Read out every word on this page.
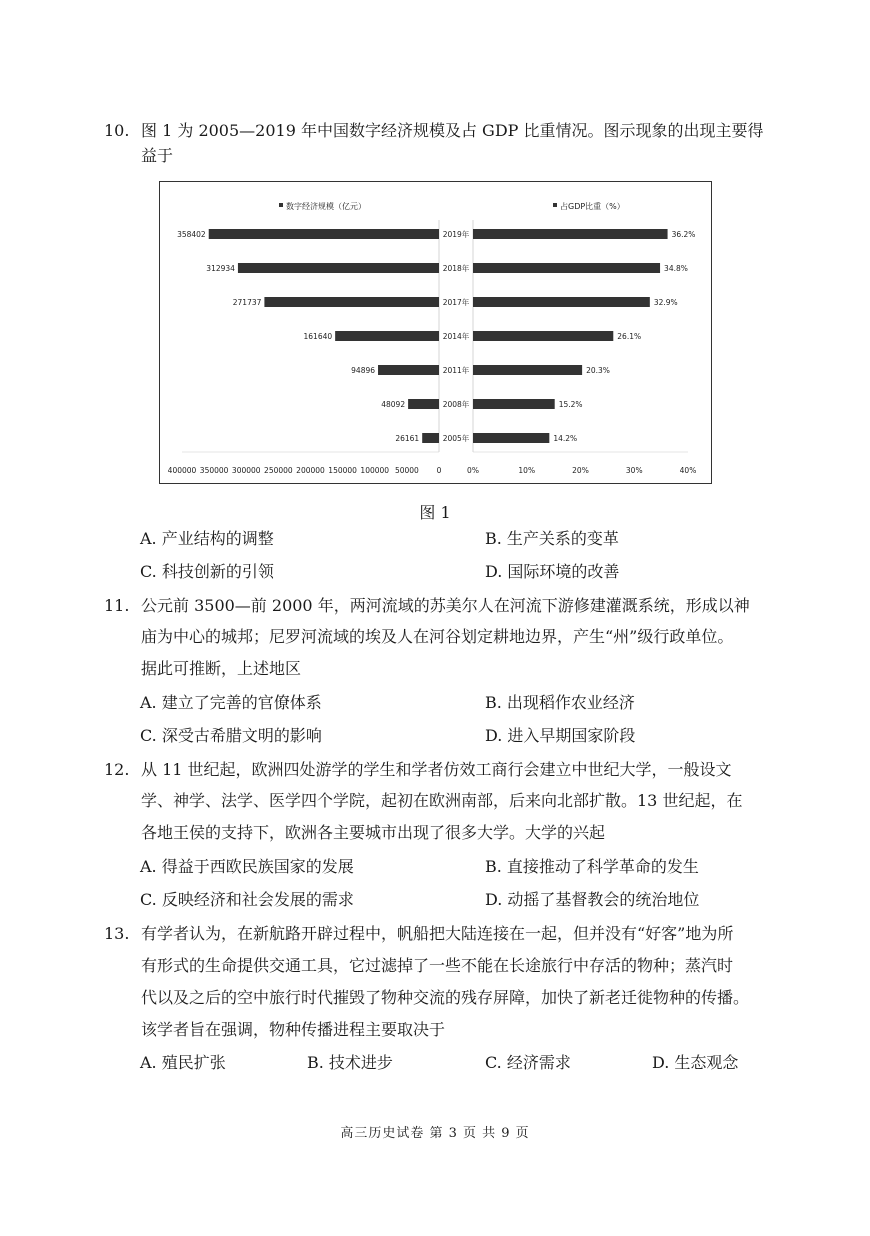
10. 图 1 为 2005—2019 年中国数字经济规模及占 GDP 比重情况。图示现象的出现主要得
益于
数字经济规模（亿元）	占GDP比重（%）
358402	36.2%
2019年
312934	34.8%
2018年
271737	32.9%
2017年
161640	26.1%
2014年
94896	20.3%
2011年
48092	15.2%
2008年
26161	14.2%
2005年
400000 350000 300000 250000 200000 150000 100000 50000 0	0%	10%	20%	30%	40%
图 1
A. 产业结构的调整	B. 生产关系的变革
C. 科技创新的引领	D. 国际环境的改善
11. 公元前 3500—前 2000 年，两河流域的苏美尔人在河流下游修建灌溉系统，形成以神
庙为中心的城邦；尼罗河流域的埃及人在河谷划定耕地边界，产生“州”级行政单位。
据此可推断，上述地区
A. 建立了完善的官僚体系	B. 出现稻作农业经济
C. 深受古希腊文明的影响	D. 进入早期国家阶段
12. 从 11 世纪起，欧洲四处游学的学生和学者仿效工商行会建立中世纪大学，一般设文
学、神学、法学、医学四个学院，起初在欧洲南部，后来向北部扩散。13 世纪起，在
各地王侯的支持下，欧洲各主要城市出现了很多大学。大学的兴起
A. 得益于西欧民族国家的发展	B. 直接推动了科学革命的发生
C. 反映经济和社会发展的需求	D. 动摇了基督教会的统治地位
13. 有学者认为，在新航路开辟过程中，帆船把大陆连接在一起，但并没有“好客”地为所
有形式的生命提供交通工具，它过滤掉了一些不能在长途旅行中存活的物种；蒸汽时
代以及之后的空中旅行时代摧毁了物种交流的残存屏障，加快了新老迁徙物种的传播。
该学者旨在强调，物种传播进程主要取决于
A. 殖民扩张	B. 技术进步	C. 经济需求	D. 生态观念
高三历史试卷 第 3 页 共 9 页
